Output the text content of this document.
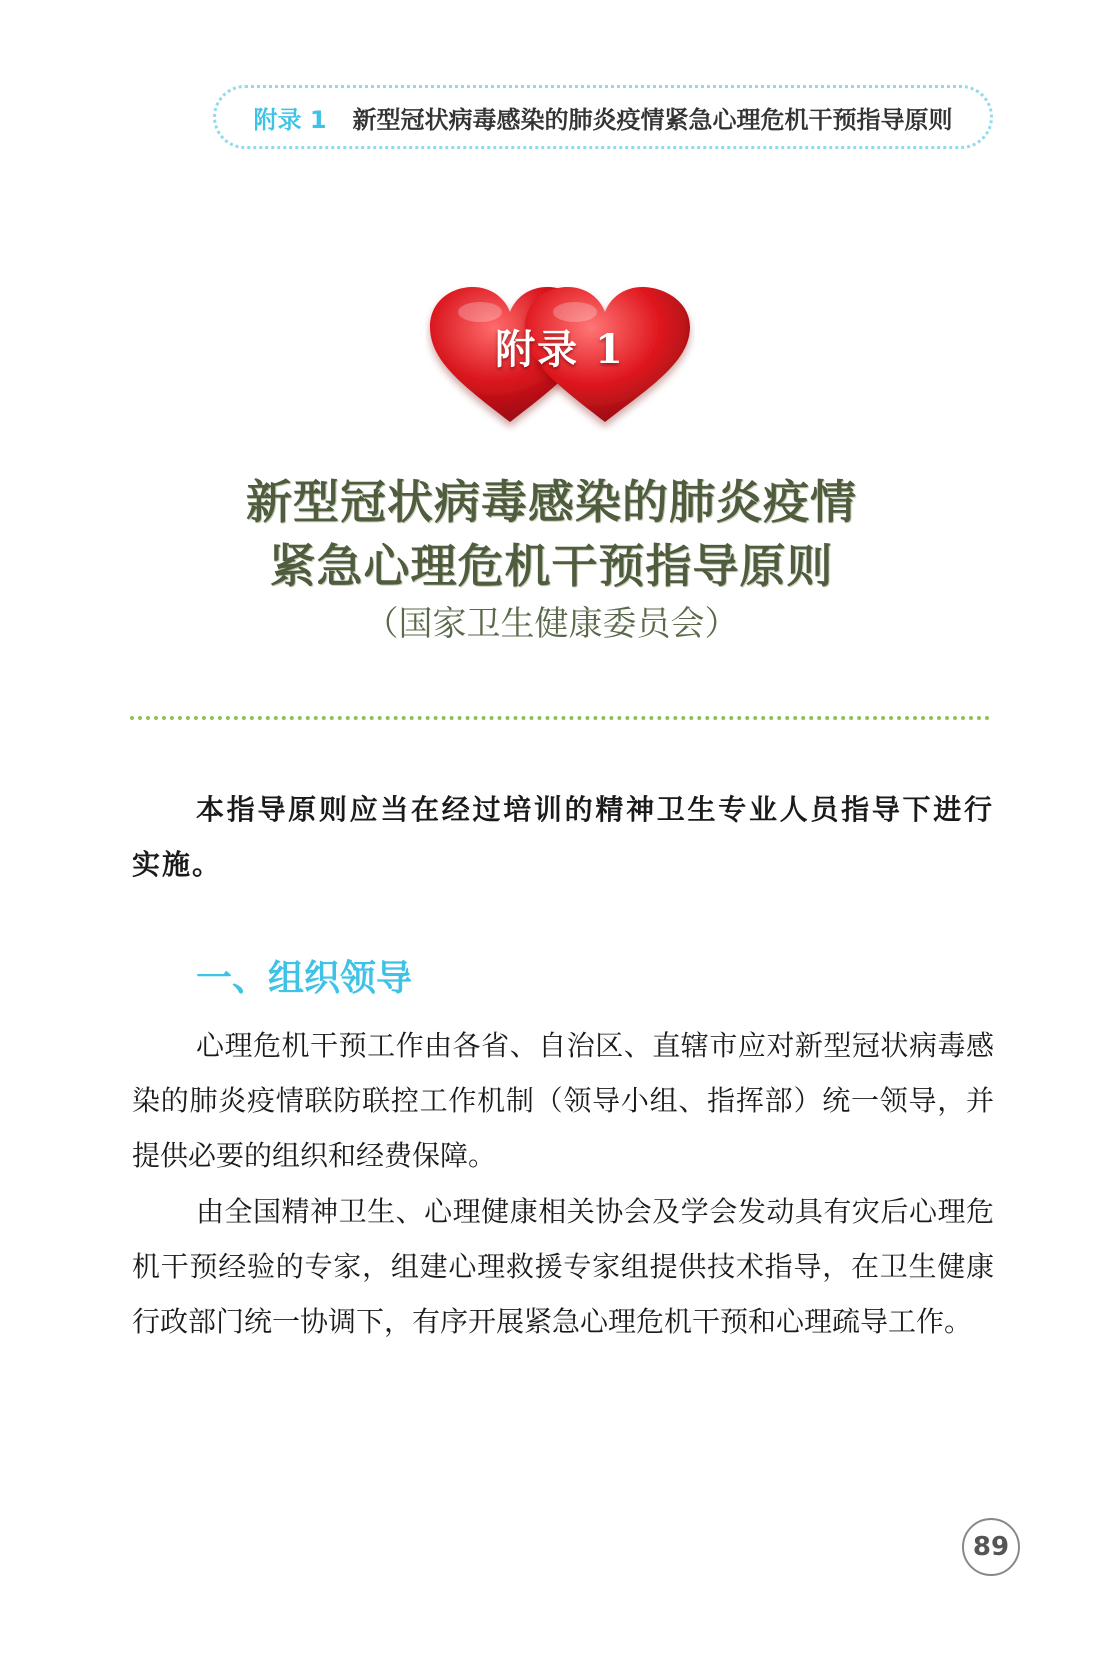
附录 1 新型冠状病毒感染的肺炎疫情紧急心理危机干预指导原则
附录 1
新型冠状病毒感染的肺炎疫情
紧急心理危机干预指导原则
（国家卫生健康委员会）
本指导原则应当在经过培训的精神卫生专业人员指导下进行实施。
一、组织领导
心理危机干预工作由各省、自治区、直辖市应对新型冠状病毒感染的肺炎疫情联防联控工作机制（领导小组、指挥部）统一领导，并提供必要的组织和经费保障。
由全国精神卫生、心理健康相关协会及学会发动具有灾后心理危机干预经验的专家，组建心理救援专家组提供技术指导，在卫生健康行政部门统一协调下，有序开展紧急心理危机干预和心理疏导工作。
89
